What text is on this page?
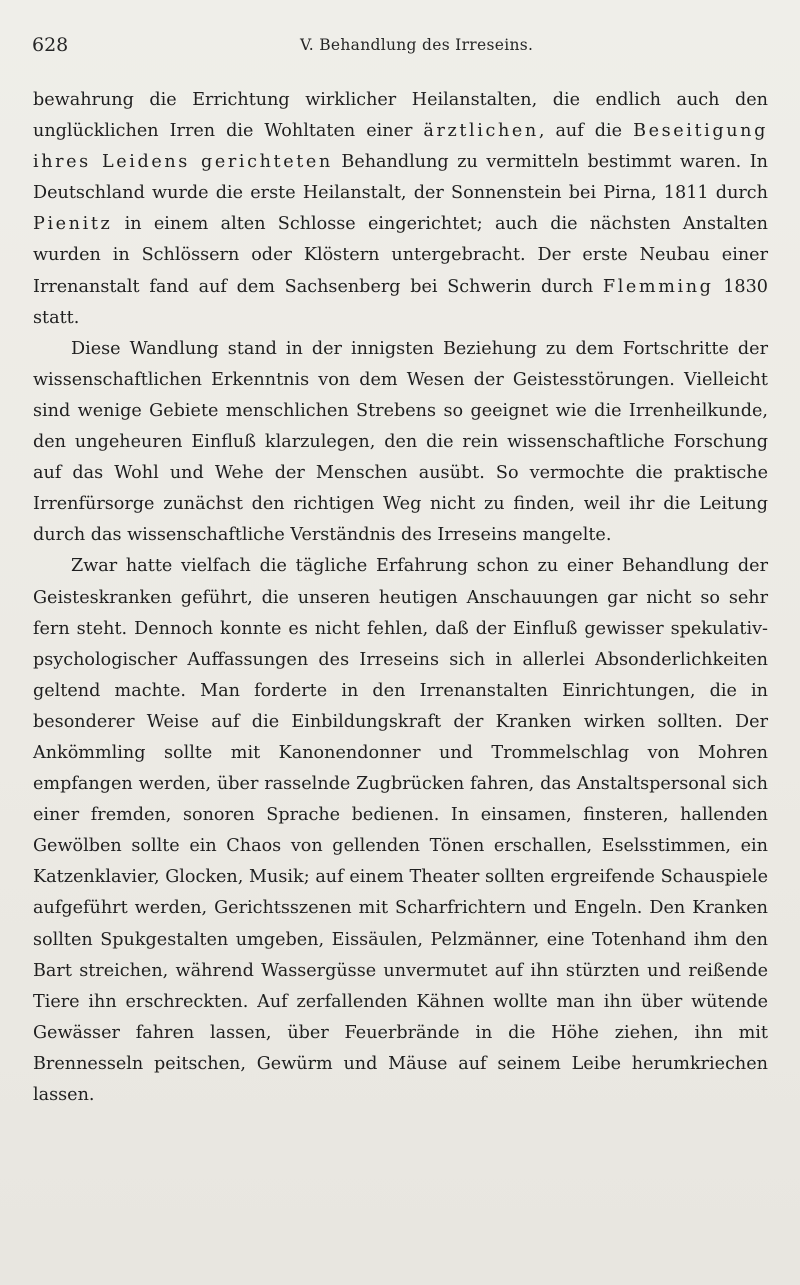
628	V. Behandlung des Irreseins.

bewahrung die Errichtung wirklicher Heilanstalten, die endlich auch den unglücklichen Irren die Wohltaten einer ärztlichen, auf die Beseitigung ihres Leidens gerichteten Behandlung zu vermitteln bestimmt waren. In Deutschland wurde die erste Heilanstalt, der Sonnenstein bei Pirna, 1811 durch Pienitz in einem alten Schlosse eingerichtet; auch die nächsten Anstalten wurden in Schlössern oder Klöstern untergebracht. Der erste Neubau einer Irrenanstalt fand auf dem Sachsenberg bei Schwerin durch Flemming 1830 statt.

Diese Wandlung stand in der innigsten Beziehung zu dem Fortschritte der wissenschaftlichen Erkenntnis von dem Wesen der Geistesstörungen. Vielleicht sind wenige Gebiete menschlichen Strebens so geeignet wie die Irrenheilkunde, den ungeheuren Einfluß klarzulegen, den die rein wissenschaftliche Forschung auf das Wohl und Wehe der Menschen ausübt. So vermochte die praktische Irrenfürsorge zunächst den richtigen Weg nicht zu finden, weil ihr die Leitung durch das wissenschaftliche Verständnis des Irreseins mangelte.

Zwar hatte vielfach die tägliche Erfahrung schon zu einer Behandlung der Geisteskranken geführt, die unseren heutigen Anschauungen gar nicht so sehr fern steht. Dennoch konnte es nicht fehlen, daß der Einfluß gewisser spekulativ-psychologischer Auffassungen des Irreseins sich in allerlei Absonderlichkeiten geltend machte. Man forderte in den Irrenanstalten Einrichtungen, die in besonderer Weise auf die Einbildungskraft der Kranken wirken sollten. Der Ankömmling sollte mit Kanonendonner und Trommelschlag von Mohren empfangen werden, über rasselnde Zugbrücken fahren, das Anstaltspersonal sich einer fremden, sonoren Sprache bedienen. In einsamen, finsteren, hallenden Gewölben sollte ein Chaos von gellenden Tönen erschallen, Eselsstimmen, ein Katzenklavier, Glocken, Musik; auf einem Theater sollten ergreifende Schauspiele aufgeführt werden, Gerichtsszenen mit Scharfrichtern und Engeln. Den Kranken sollten Spukgestalten umgeben, Eissäulen, Pelzmänner, eine Totenhand ihm den Bart streichen, während Wassergüsse unvermutet auf ihn stürzten und reißende Tiere ihn erschreckten. Auf zerfallenden Kähnen wollte man ihn über wütende Gewässer fahren lassen, über Feuerbrände in die Höhe ziehen, ihn mit Brennesseln peitschen, Gewürm und Mäuse auf seinem Leibe herumkriechen lassen.
